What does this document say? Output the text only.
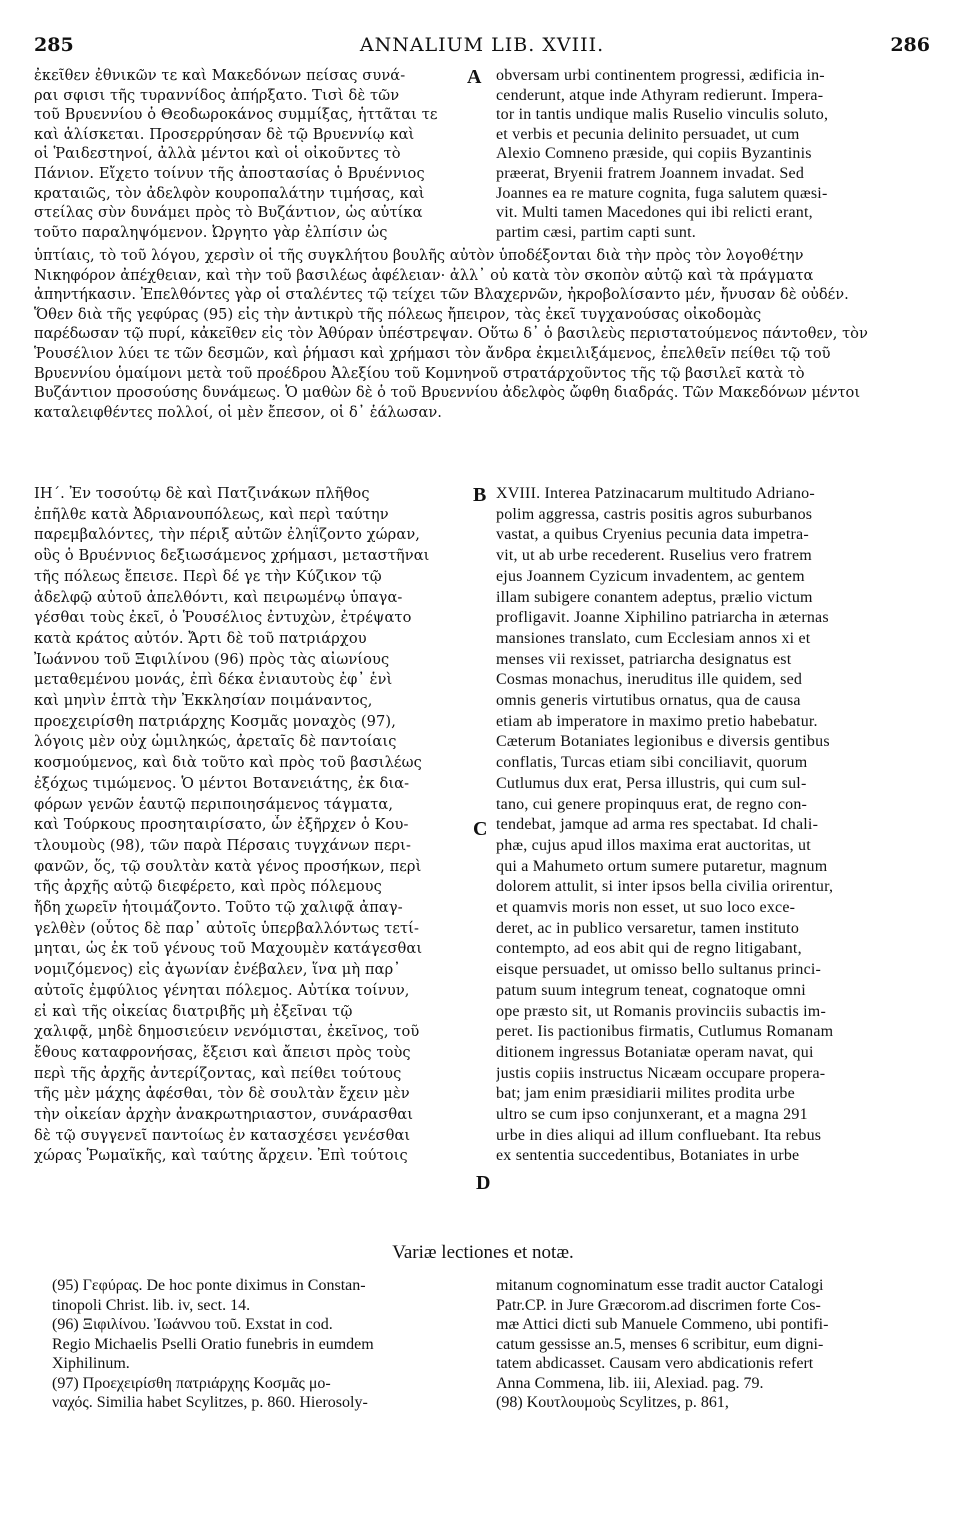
285	ANNALIUM LIB. XVIII.	286
A
B
C
D
Variæ lectiones et notæ.
ἐκεῖθεν ἐθνικῶν τε καὶ Μακεδόνων πείσας συνά-
ραι σφισι τῆς τυραννίδος ἀπήρξατο. Τισὶ δὲ τῶν
τοῦ Βρυεννίου ὁ Θεοδωροκάνος συμμίξας, ἡττᾶται τε
καὶ ἁλίσκεται. Προσερρύησαν δὲ τῷ Βρυεννίῳ καὶ
οἱ Ῥαιδεστηνοί, ἀλλὰ μέντοι καὶ οἱ οἰκοῦντες τὸ
Πάνιον. Εἴχετο τοίνυν τῆς ἀποστασίας ὁ Βρυέννιος
κραταιῶς, τὸν ἀδελφὸν κουροπαλάτην τιμήσας, καὶ
στείλας σὺν δυνάμει πρὸς τὸ Βυζάντιον, ὡς αὐτίκα
τοῦτο παραληψόμενον. Ὠργητο γὰρ ἐλπίσιν ὡς
obversam urbi continentem progressi, ædificia in-
cenderunt, atque inde Athyram redierunt. Impera-
tor in tantis undique malis Ruselio vinculis soluto,
et verbis et pecunia delinito persuadet, ut cum
Alexio Comneno præside, qui copiis Byzantinis
præerat, Bryenii fratrem Joannem invadat. Sed
Joannes ea re mature cognita, fuga salutem quæsi-
vit. Multi tamen Macedones qui ibi relicti erant,
partim cæsi, partim capti sunt.
ὑπτίαις, τὸ τοῦ λόγου, χερσὶν οἱ τῆς συγκλήτου βουλῆς αὐτὸν ὑποδέξονται διὰ τὴν πρὸς τὸν λογοθέτην
Νικηφόρον ἀπέχθειαν, καὶ τὴν τοῦ βασιλέως ἀφέλειαν· ἀλλ᾽ οὐ κατὰ τὸν σκοπὸν αὐτῷ καὶ τὰ πράγματα
ἀπηντήκασιν. Ἐπελθόντες γὰρ οἱ σταλέντες τῷ τείχει τῶν Βλαχερνῶν, ἠκροβολίσαντο μέν, ἤνυσαν δὲ οὐδέν.
Ὅθεν διὰ τῆς γεφύρας (95) εἰς τὴν ἀντικρὺ τῆς πόλεως ἤπειρον, τὰς ἐκεῖ τυγχανούσας οἰκοδομὰς
παρέδωσαν τῷ πυρί, κἀκεῖθεν εἰς τὸν Ἀθύραν ὑπέστρεψαν. Οὕτω δ᾽ ὁ βασιλεὺς περιστατούμενος πάντοθεν, τὸν
Ῥουσέλιον λύει τε τῶν δεσμῶν, καὶ ῥήμασι καὶ χρήμασι τὸν ἄνδρα ἐκμειλιξάμενος, ἐπελθεῖν πείθει τῷ τοῦ
Βρυεννίου ὁμαίμονι μετὰ τοῦ προέδρου Ἀλεξίου τοῦ Κομνηνοῦ στρατάρχοῦντος τῆς τῷ βασιλεῖ κατὰ τὸ
Βυζάντιον προσούσης δυνάμεως. Ὁ μαθὼν δὲ ὁ τοῦ Βρυεννίου ἀδελφὸς ὤφθη διαδράς. Τῶν Μακεδόνων μέντοι
καταλειφθέντες πολλοί, οἱ μὲν ἔπεσον, οἱ δ᾽ ἑάλωσαν.
ΙΗ΄. Ἐν τοσούτῳ δὲ καὶ Πατζινάκων πλῆθος
ἐπῆλθε κατὰ Ἀδριανουπόλεως, καὶ περὶ ταύτην
παρεμβαλόντες, τὴν πέριξ αὐτῶν ἐληΐζοντο χώραν,
οὓς ὁ Βρυέννιος δεξιωσάμενος χρήμασι, μεταστῆναι
τῆς πόλεως ἔπεισε. Περὶ δέ γε τὴν Κύζικον τῷ
ἀδελφῷ αὐτοῦ ἀπελθόντι, καὶ πειρωμένῳ ὑπαγα-
γέσθαι τοὺς ἐκεῖ, ὁ Ῥουσέλιος ἐντυχὼν, ἐτρέψατο
κατὰ κράτος αὐτόν. Ἄρτι δὲ τοῦ πατριάρχου
Ἰωάννου τοῦ Ξιφιλίνου (96) πρὸς τὰς αἰωνίους
μεταθεμένου μονάς, ἐπὶ δέκα ἐνιαυτοὺς ἐφ᾽ ἑνὶ
καὶ μηνὶν ἑπτὰ τὴν Ἐκκλησίαν ποιμάναντος,
προεχειρίσθη πατριάρχης Κοσμᾶς μοναχὸς (97),
λόγοις μὲν οὐχ ὡμιληκώς, ἀρεταῖς δὲ παντοίαις
κοσμούμενος, καὶ διὰ τοῦτο καὶ πρὸς τοῦ βασιλέως
ἐξόχως τιμώμενος. Ὁ μέντοι Βοτανειάτης, ἐκ δια-
φόρων γενῶν ἑαυτῷ περιποιησάμενος τάγματα,
καὶ Τούρκους προσηταιρίσατο, ὧν ἐξῆρχεν ὁ Κου-
τλουμοὺς (98), τῶν παρὰ Πέρσαις τυγχάνων περι-
φανῶν, ὅς, τῷ σουλτὰν κατὰ γένος προσήκων, περὶ
τῆς ἀρχῆς αὐτῷ διεφέρετο, καὶ πρὸς πόλεμους
ἤδη χωρεῖν ἡτοιμάζοντο. Τοῦτο τῷ χαλιφᾷ ἀπαγ-
γελθὲν (οὗτος δὲ παρ᾽ αὐτοῖς ὑπερβαλλόντως τετί-
μηται, ὡς ἐκ τοῦ γένους τοῦ Μαχουμὲν κατάγεσθαι
νομιζόμενος) εἰς ἀγωνίαν ἐνέβαλεν, ἵνα μὴ παρ᾽
αὐτοῖς ἐμφύλιος γένηται πόλεμος. Αὐτίκα τοίνυν,
εἰ καὶ τῆς οἰκείας διατριβῆς μὴ ἐξεῖναι τῷ
χαλιφᾷ, μηδὲ δημοσιεύειν νενόμισται, ἐκεῖνος, τοῦ
ἔθους καταφρονήσας, ἔξεισι καὶ ἄπεισι πρὸς τοὺς
περὶ τῆς ἀρχῆς ἀντερίζοντας, καὶ πείθει τούτους
τῆς μὲν μάχης ἀφέσθαι, τὸν δὲ σουλτὰν ἔχειν μὲν
τὴν οἰκείαν ἀρχὴν ἀνακρωτηριαστον, συνάρασθαι
δὲ τῷ συγγενεῖ παντοίως ἐν κατασχέσει γενέσθαι
χώρας Ῥωμαϊκῆς, καὶ ταύτης ἄρχειν. Ἐπὶ τούτοις
XVIII. Interea Patzinacarum multitudo Adriano-
polim aggressa, castris positis agros suburbanos
vastat, a quibus Cryenius pecunia data impetra-
vit, ut ab urbe recederent. Ruselius vero fratrem
ejus Joannem Cyzicum invadentem, ac gentem
illam subigere conantem adeptus, prælio victum
profligavit. Joanne Xiphilino patriarcha in æternas
mansiones translato, cum Ecclesiam annos xi et
menses vii rexisset, patriarcha designatus est
Cosmas monachus, ineruditus ille quidem, sed
omnis generis virtutibus ornatus, qua de causa
etiam ab imperatore in maximo pretio habebatur.
Cæterum Botaniates legionibus e diversis gentibus
conflatis, Turcas etiam sibi conciliavit, quorum
Cutlumus dux erat, Persa illustris, qui cum sul-
tano, cui genere propinquus erat, de regno con-
tendebat, jamque ad arma res spectabat. Id chali-
phæ, cujus apud illos maxima erat auctoritas, ut
qui a Mahumeto ortum sumere putaretur, magnum
dolorem attulit, si inter ipsos bella civilia orirentur,
et quamvis moris non esset, ut suo loco exce-
deret, ac in publico versaretur, tamen instituto
contempto, ad eos abit qui de regno litigabant,
eisque persuadet, ut omisso bello sultanus princi-
patum suum integrum teneat, cognatoque omni
ope præsto sit, ut Romanis provinciis subactis im-
peret. Iis pactionibus firmatis, Cutlumus Romanam
ditionem ingressus Botaniatæ operam navat, qui
justis copiis instructus Nicæam occupare propera-
bat; jam enim præsidiarii milites prodita urbe
ultro se cum ipso conjunxerant, et a magna 291
urbe in dies aliqui ad illum confluebant. Ita rebus
ex sententia succedentibus, Botaniates in urbe
(95) Γεφύρας. De hoc ponte diximus in Constan-
tinopoli Christ. lib. iv, sect. 14.
(96) Ξιφιλίνου. Ἰωάννου τοῦ. Exstat in cod.
Regio Michaelis Pselli Oratio funebris in eumdem
Xiphilinum.
(97) Προεχειρίσθη πατριάρχης Κοσμᾶς μο-
ναχός. Similia habet Scylitzes, p. 860. Hierosoly-
mitanum cognominatum esse tradit auctor Catalogi
Patr.CP. in Jure Græcorom.ad discrimen forte Cos-
mæ Attici dicti sub Manuele Commeno, ubi pontifi-
catum gessisse an.5, menses 6 scribitur, eum digni-
tatem abdicasset. Causam vero abdicationis refert
Anna Commena, lib. iii, Alexiad. pag. 79.
(98) Κουτλουμοὺς Scylitzes, p. 861,
